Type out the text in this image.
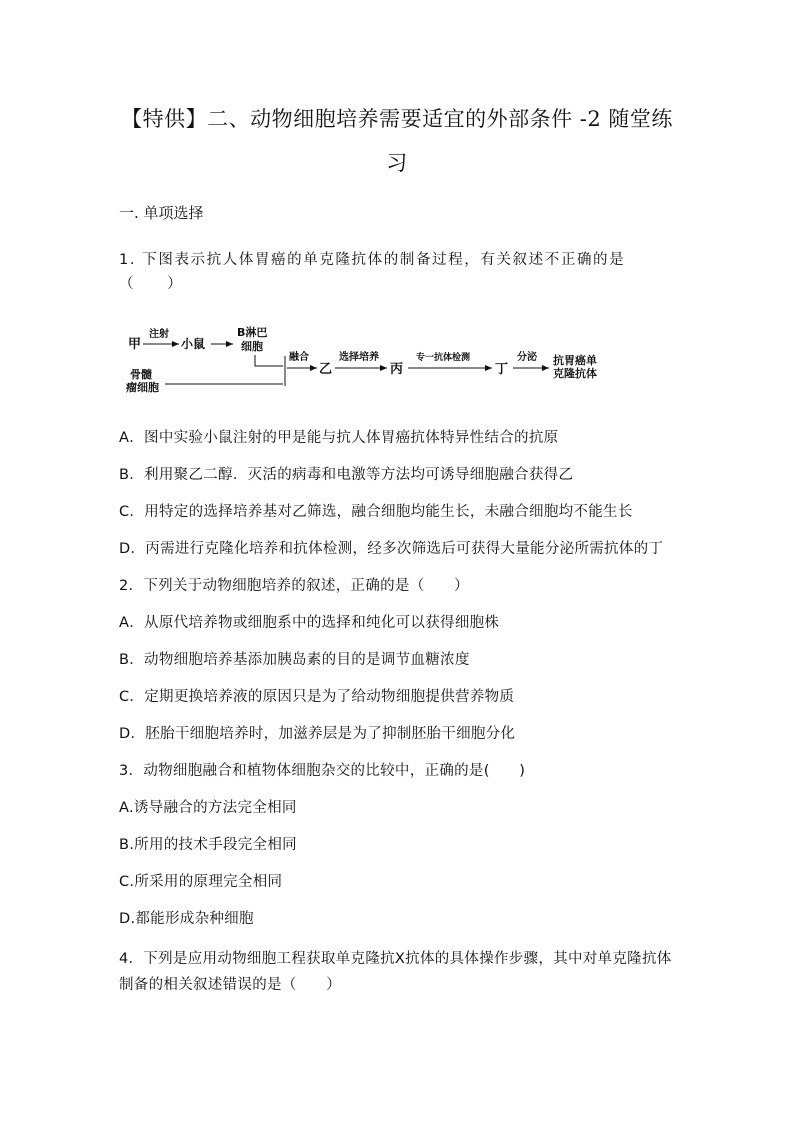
【特供】二、动物细胞培养需要适宜的外部条件 -2 随堂练
习
一. 单项选择
1. 下图表示抗人体胃癌的单克隆抗体的制备过程，有关叙述不正确的是
（　　）
甲
注射
小鼠
B淋巴
细胞
骨髓
瘤细胞
融合
乙
选择培养
丙
专一抗体检测
丁
分泌 抗胃癌单
克隆抗体
A．图中实验小鼠注射的甲是能与抗人体胃癌抗体特异性结合的抗原
B．利用聚乙二醇．灭活的病毒和电激等方法均可诱导细胞融合获得乙
C．用特定的选择培养基对乙筛选，融合细胞均能生长，未融合细胞均不能生长
D．丙需进行克隆化培养和抗体检测，经多次筛选后可获得大量能分泌所需抗体的丁
2．下列关于动物细胞培养的叙述，正确的是（　　）
A．从原代培养物或细胞系中的选择和纯化可以获得细胞株
B．动物细胞培养基添加胰岛素的目的是调节血糖浓度
C．定期更换培养液的原因只是为了给动物细胞提供营养物质
D．胚胎干细胞培养时，加滋养层是为了抑制胚胎干细胞分化
3．动物细胞融合和植物体细胞杂交的比较中，正确的是(　　)
A.诱导融合的方法完全相同
B.所用的技术手段完全相同
C.所采用的原理完全相同
D.都能形成杂种细胞
4．下列是应用动物细胞工程获取单克隆抗X抗体的具体操作步骤，其中对单克隆抗体
制备的相关叙述错误的是（　　）
